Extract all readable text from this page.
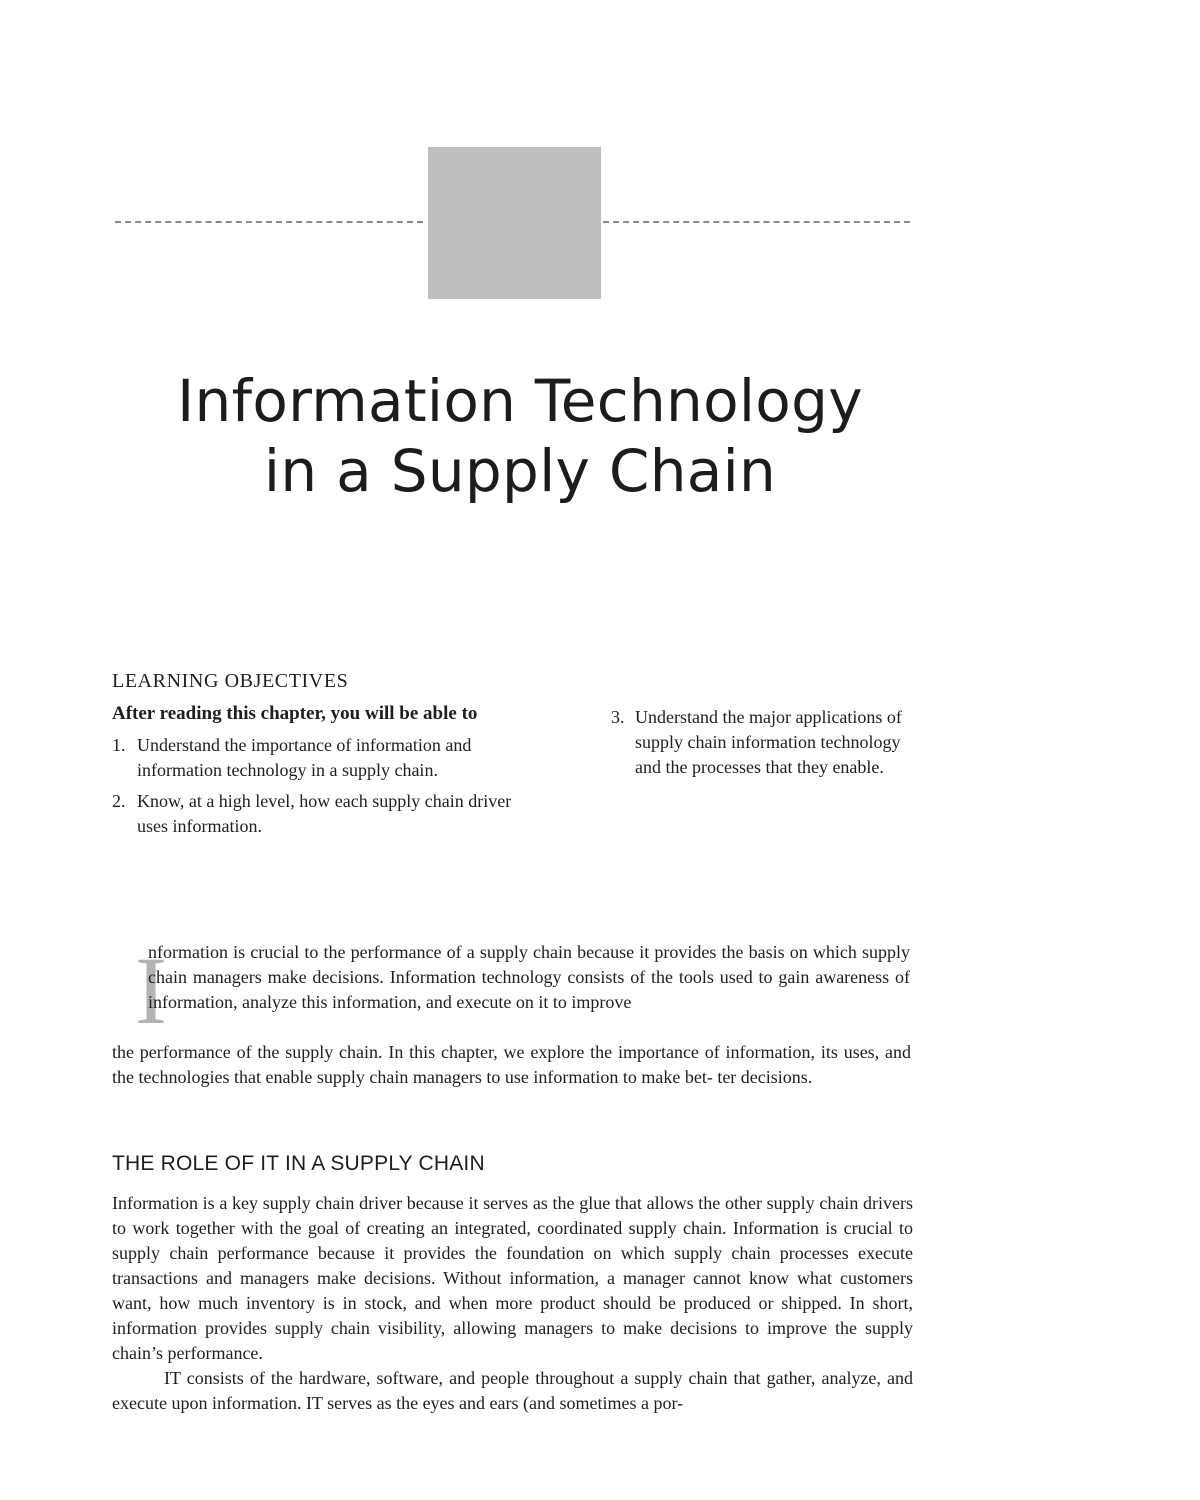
Information Technology
in a Supply Chain
LEARNING OBJECTIVES

After reading this chapter, you will be able to

1. Understand the importance of information and information technology in a supply chain.
2. Know, at a high level, how each supply chain driver uses information.
3. Understand the major applications of supply chain information technology and the processes that they enable.
I

nformation is crucial to the performance of a supply chain because it provides the basis on which supply chain managers make decisions. Information technology consists of the tools used to gain awareness of information, analyze this information, and execute on it to improve

the performance of the supply chain. In this chapter, we explore the importance of information, its uses, and the technologies that enable supply chain managers to use information to make bet- ter decisions.

THE ROLE OF IT IN A SUPPLY CHAIN

Information is a key supply chain driver because it serves as the glue that allows the other supply chain drivers to work together with the goal of creating an integrated, coordinated supply chain. Information is crucial to supply chain performance because it provides the foundation on which supply chain processes execute transactions and managers make decisions. Without information, a manager cannot know what customers want, how much inventory is in stock, and when more product should be produced or shipped. In short, information provides supply chain visibility, allowing managers to make decisions to improve the supply chain’s performance.

IT consists of the hardware, software, and people throughout a supply chain that gather, analyze, and execute upon information. IT serves as the eyes and ears (and sometimes a por-
